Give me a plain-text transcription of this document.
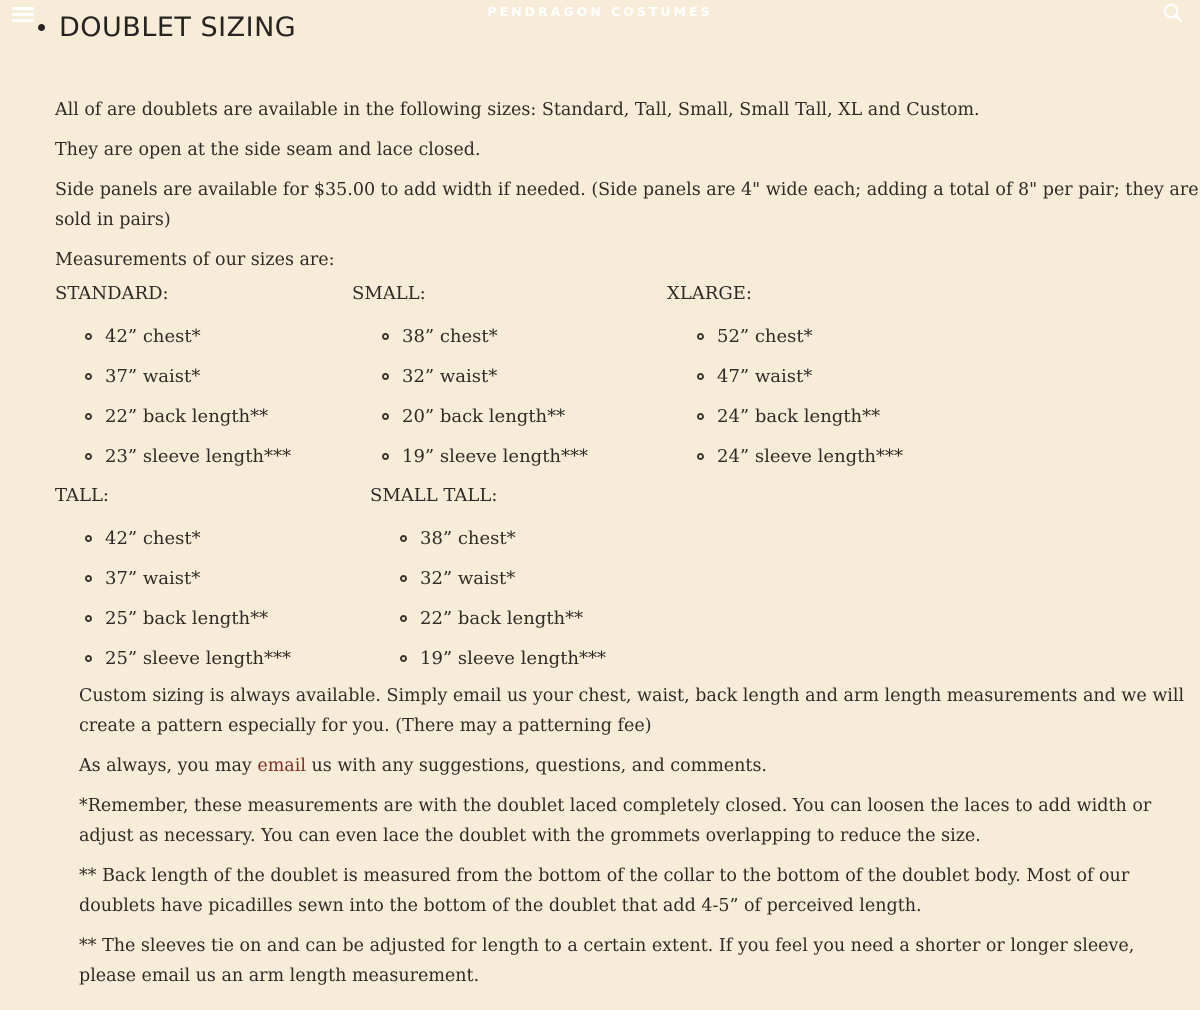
PENDRAGON COSTUMES
DOUBLET SIZING

All of are doublets are available in the following sizes: Standard, Tall, Small, Small Tall, XL and Custom.

They are open at the side seam and lace closed.

Side panels are available for $35.00 to add width if needed. (Side panels are 4" wide each; adding a total of 8" per pair; they are sold in pairs)

Measurements of our sizes are:

STANDARD:
42” chest*
37” waist*
22” back length**
23” sleeve length***
SMALL:
38” chest*
32” waist*
20” back length**
19” sleeve length***
XLARGE:
52” chest*
47” waist*
24” back length**
24” sleeve length***
TALL:
42” chest*
37” waist*
25” back length**
25” sleeve length***
SMALL TALL:
38” chest*
32” waist*
22” back length**
19” sleeve length***

Custom sizing is always available. Simply email us your chest, waist, back length and arm length measurements and we will create a pattern especially for you. (There may a patterning fee)

As always, you may email us with any suggestions, questions, and comments.

*Remember, these measurements are with the doublet laced completely closed. You can loosen the laces to add width or adjust as necessary. You can even lace the doublet with the grommets overlapping to reduce the size.

** Back length of the doublet is measured from the bottom of the collar to the bottom of the doublet body. Most of our doublets have picadilles sewn into the bottom of the doublet that add 4-5” of perceived length.

** The sleeves tie on and can be adjusted for length to a certain extent. If you feel you need a shorter or longer sleeve, please email us an arm length measurement.
